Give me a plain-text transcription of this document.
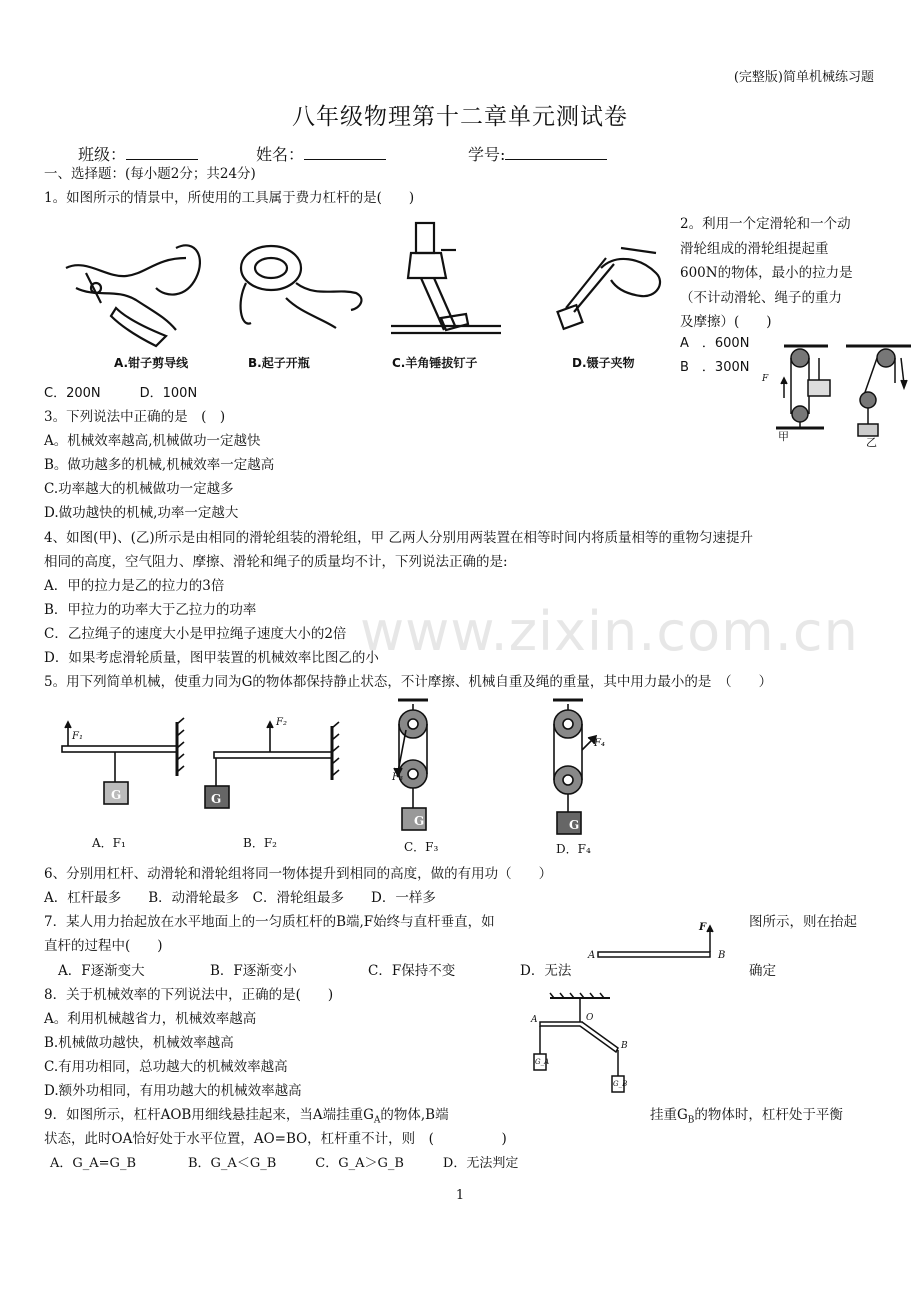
(完整版)简单机械练习题
八年级物理第十二章单元测试卷
班级：	姓名：	学号:
一、选择题：(每小题2分；共24分)
1。如图所示的情景中，所使用的工具属于费力杠杆的是(　　)
A.钳子剪导线	B.起子开瓶	C.羊角锤拔钉子	D.镊子夹物
2。利用一个定滑轮和一个动
滑轮组成的滑轮组提起重
600N的物体，最小的拉力是
（不计动滑轮、绳子的重力
及摩擦）(　　)
A　．600N
B　．300N
C．200N　　　D．100N
F
甲	乙
3。下列说法中正确的是　(　)
A。机械效率越高,机械做功一定越快
B。做功越多的机械,机械效率一定越高
C.功率越大的机械做功一定越多
D.做功越快的机械,功率一定越大
4、如图(甲)、(乙)所示是由相同的滑轮组装的滑轮组，甲 乙两人分别用两装置在相等时间内将质量相等的重物匀速提升
相同的高度，空气阻力、摩擦、滑轮和绳子的质量均不计，下列说法正确的是:
A．甲的拉力是乙的拉力的3倍
B．甲拉力的功率大于乙拉力的功率
C．乙拉绳子的速度大小是甲拉绳子速度大小的2倍
D．如果考虑滑轮质量，图甲装置的机械效率比图乙的小
www.zixin.com.cn
5。用下列简单机械，使重力同为G的物体都保持静止状态，不计摩擦、机械自重及绳的重量，其中用力最小的是　（　　）
F₁
F₂
F₃
F₄
G	G
G	G
A．F₁	B．F₂	C．F₃	D．F₄
6、分别用杠杆、动滑轮和滑轮组将同一物体提升到相同的高度，做的有用功（　　）
A．杠杆最多　　B．动滑轮最多　C．滑轮组最多　　D．一样多
7．某人用力抬起放在水平地面上的一匀质杠杆的B端,F始终与直杆垂直，如	图所示，则在抬起
直杆的过程中(　　)
A．F逐渐变大	B．F逐渐变小	C．F保持不变	D．无法	确定
A	B
F
8．关于机械效率的下列说法中，正确的是(　　)
A。利用机械越省力，机械效率越高
B.机械做功越快，机械效率越高
C.有用功相同，总功越大的机械效率越高
D.额外功相同，有用功越大的机械效率越高
A	O
B
G_A
G_B
9．如图所示，杠杆AOB用细线悬挂起来，当A端挂重$G_A$的物体,B端	挂重$G_B$的物体时，杠杆处于平衡
状态，此时OA恰好处于水平位置，AO=BO，杠杆重不计，则　(　　　　　)
A．G_A=G_B　　　　B．G_A＜G_B　　　C．G_A＞G_B　　　D．无法判定
1
